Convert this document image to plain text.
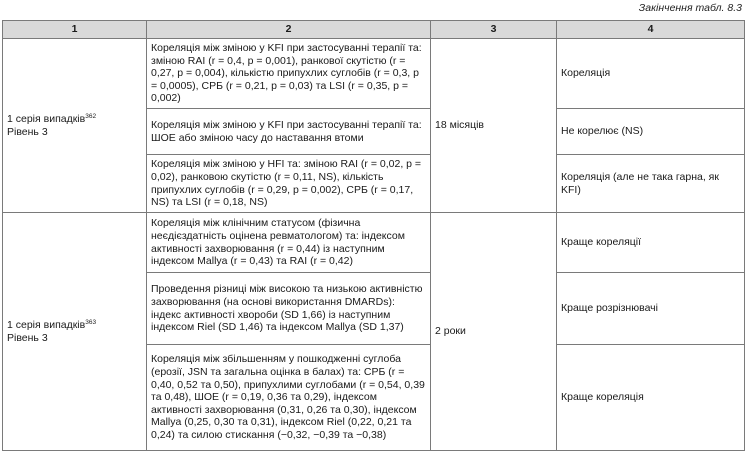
Закінчення табл. 8.3
1	2	3	4
1 серія випадків$^{362}$
Рівень 3	Кореляція між зміною у KFI при застосуванні терапії та: зміною RAI (r = 0,4, p = 0,001), ранкової скутістю (r = 0,27, p = 0,004), кількістю припухлих суглобів (r = 0,3, p = 0,0005), СРБ (r = 0,21, p = 0,03) та LSI (r = 0,35, p = 0,002)	18 місяців	Кореляція
	Кореляція між зміною у KFI при застосуванні терапії та: ШОЕ або зміною часу до наставання втоми		Не корелює (NS)
	Кореляція між зміною у HFI та: зміною RAI (r = 0,02, p = 0,02), ранковою скутістю (r = 0,11, NS), кількість припухлих суглобів (r = 0,29, p = 0,002), СРБ (r = 0,17, NS) та LSI (r = 0,18, NS)		Кореляція (але не така гарна, як KFI)
1 серія випадків$^{363}$
Рівень 3	Кореляція між клінічним статусом (фізична неєдієздатність оцінена ревматологом) та: індексом активності захворювання (r = 0,44) із наступним індексом Mallya (r = 0,43) та RAI (r = 0,42)	2 роки	Краще кореляції
	Проведення різниці між високою та низькою активністю захворювання (на основі використання DMARDs): індекс активності хвороби (SD 1,66) із наступним індексом Riel (SD 1,46) та індексом Mallya (SD 1,37)		Краще розрізнювачі
	Кореляція між збільшенням у пошкодженні суглоба (ерозії, JSN та загальна оцінка в балах) та: СРБ (r = 0,40, 0,52 та 0,50), припухлими суглобами (r = 0,54, 0,39 та 0,48), ШОЕ (r = 0,19, 0,36 та 0,29), індексом активності захворювання (0,31, 0,26 та 0,30), індексом Mallya (0,25, 0,30 та 0,31), індексом Riel (0,22, 0,21 та 0,24) та силою стискання (−0,32, −0,39 та −0,38)		Краще кореляція
